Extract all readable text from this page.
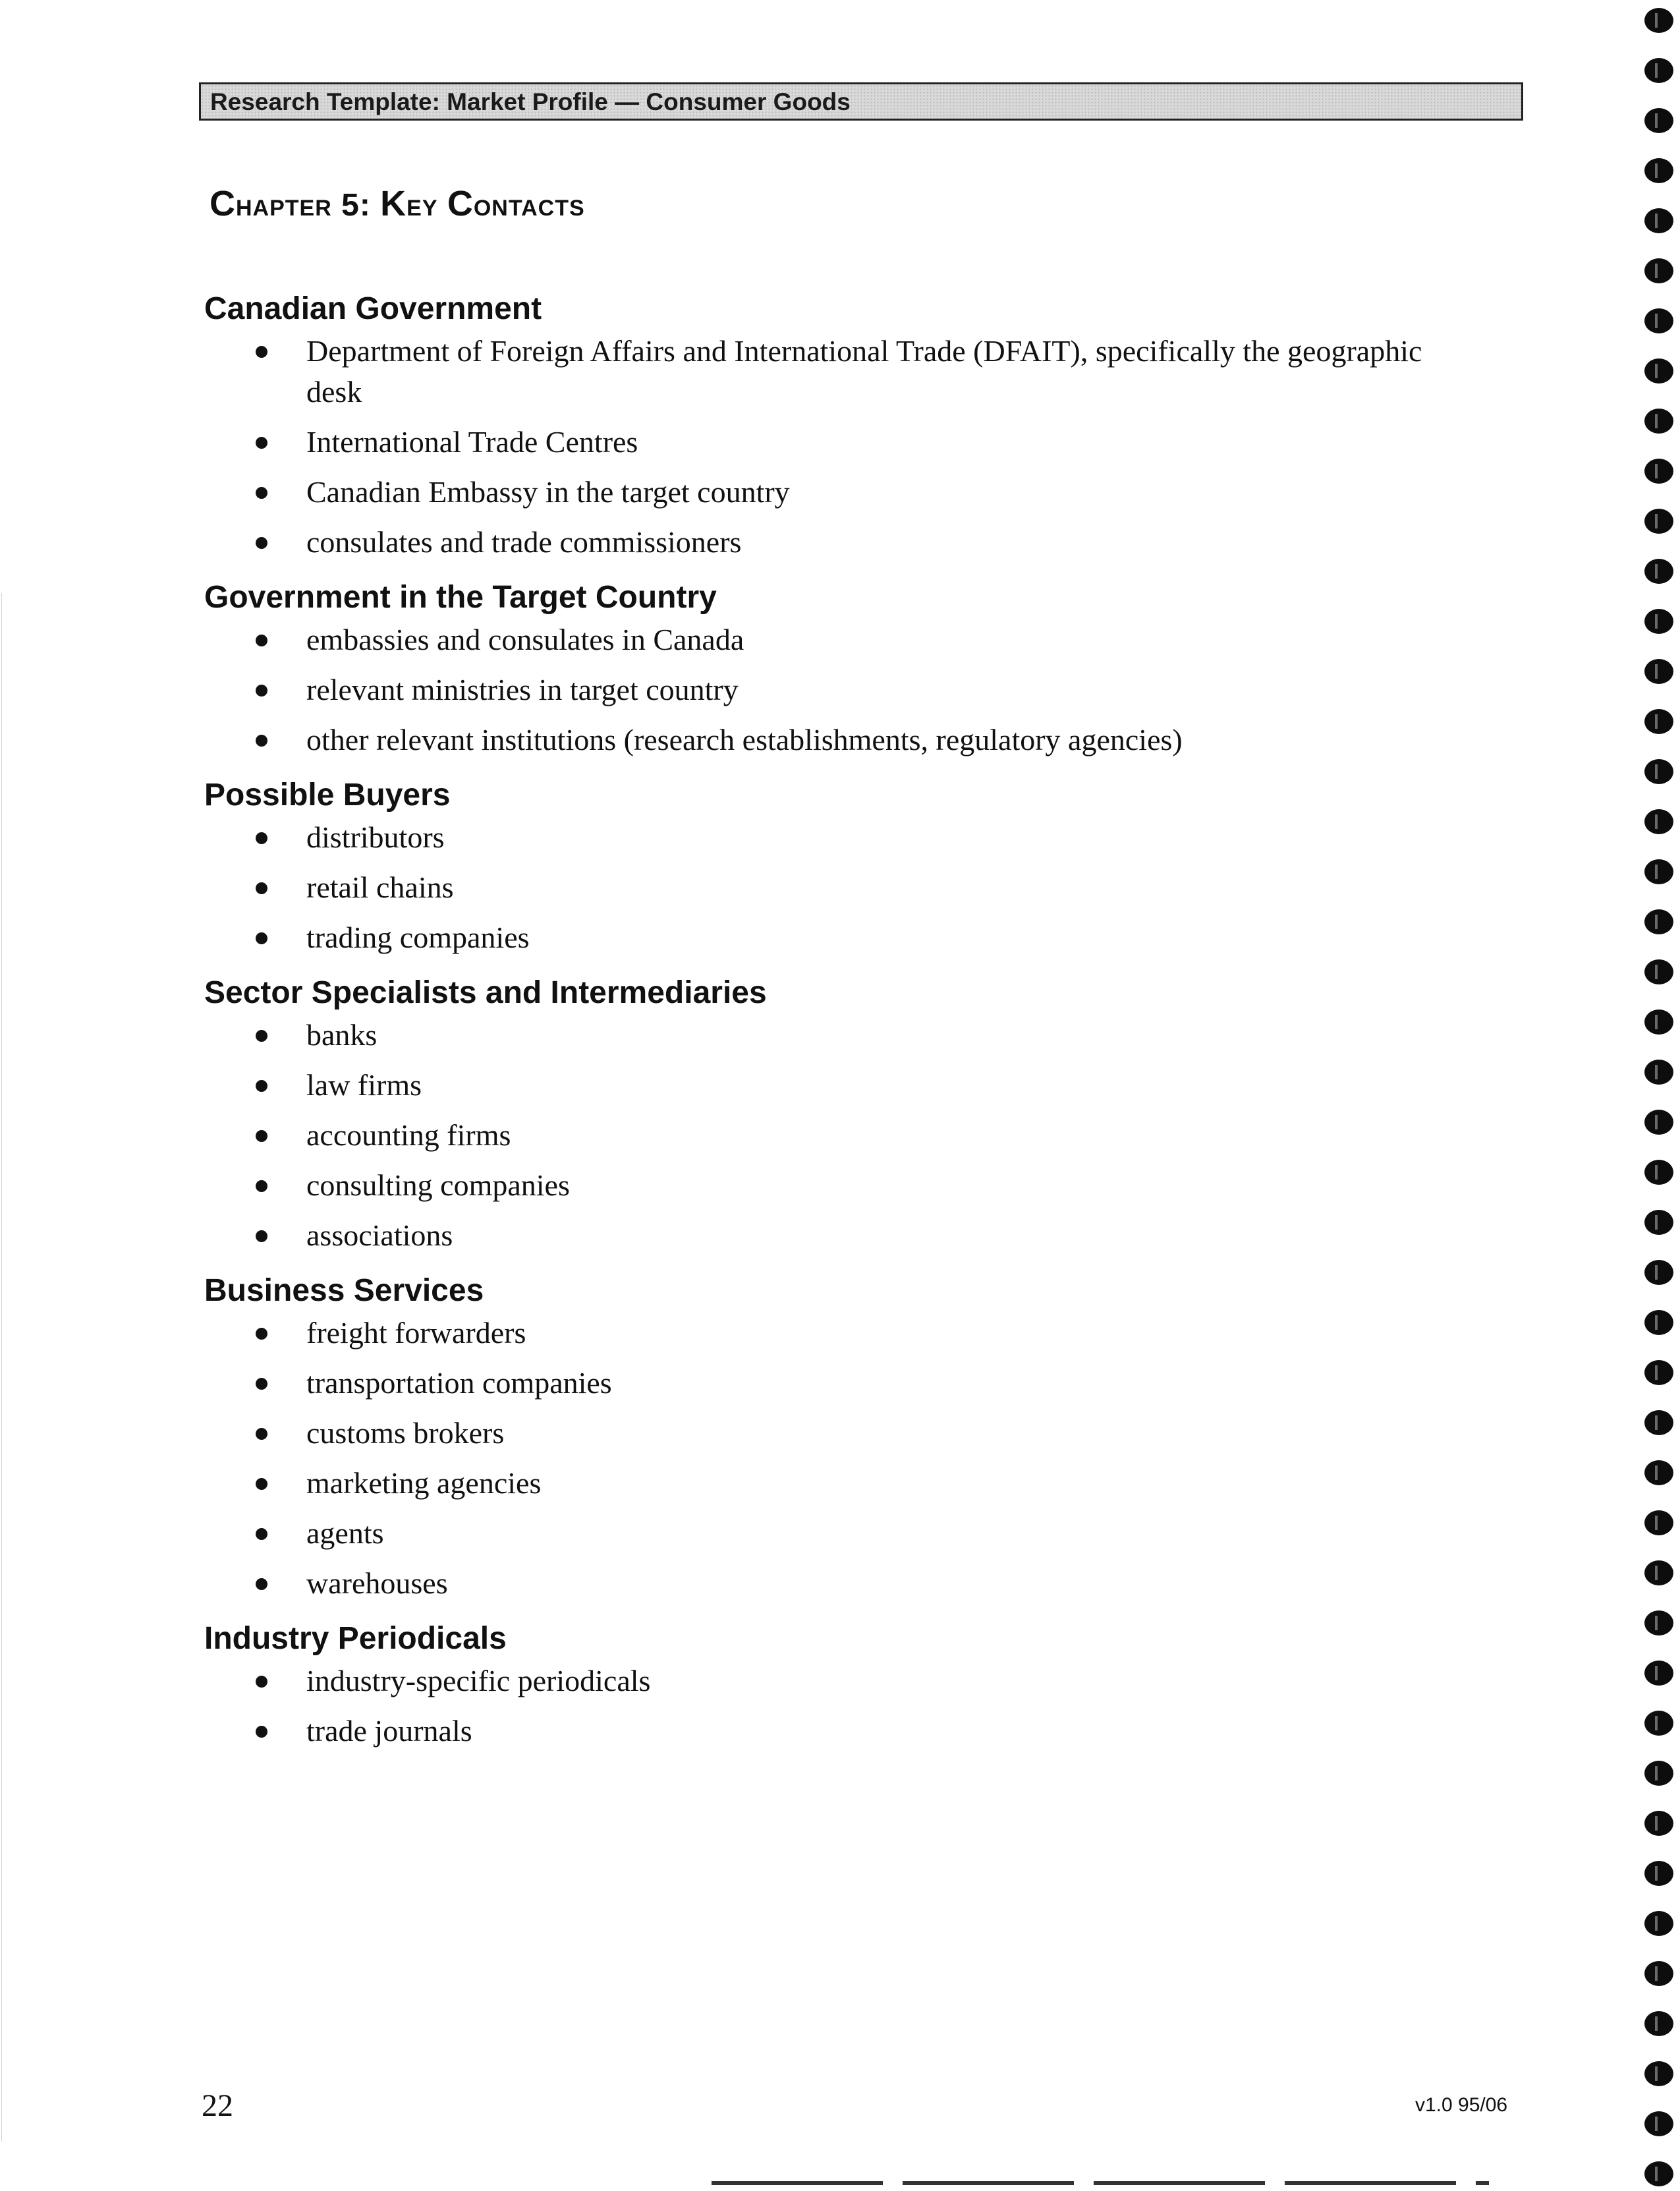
Research Template: Market Profile — Consumer Goods
Chapter 5: Key Contacts
Canadian Government
Department of Foreign Affairs and International Trade (DFAIT), specifically the geographic desk
International Trade Centres
Canadian Embassy in the target country
consulates and trade commissioners
Government in the Target Country
embassies and consulates in Canada
relevant ministries in target country
other relevant institutions (research establishments, regulatory agencies)
Possible Buyers
distributors
retail chains
trading companies
Sector Specialists and Intermediaries
banks
law firms
accounting firms
consulting companies
associations
Business Services
freight forwarders
transportation companies
customs brokers
marketing agencies
agents
warehouses
Industry Periodicals
industry-specific periodicals
trade journals
22	v1.0 95/06
